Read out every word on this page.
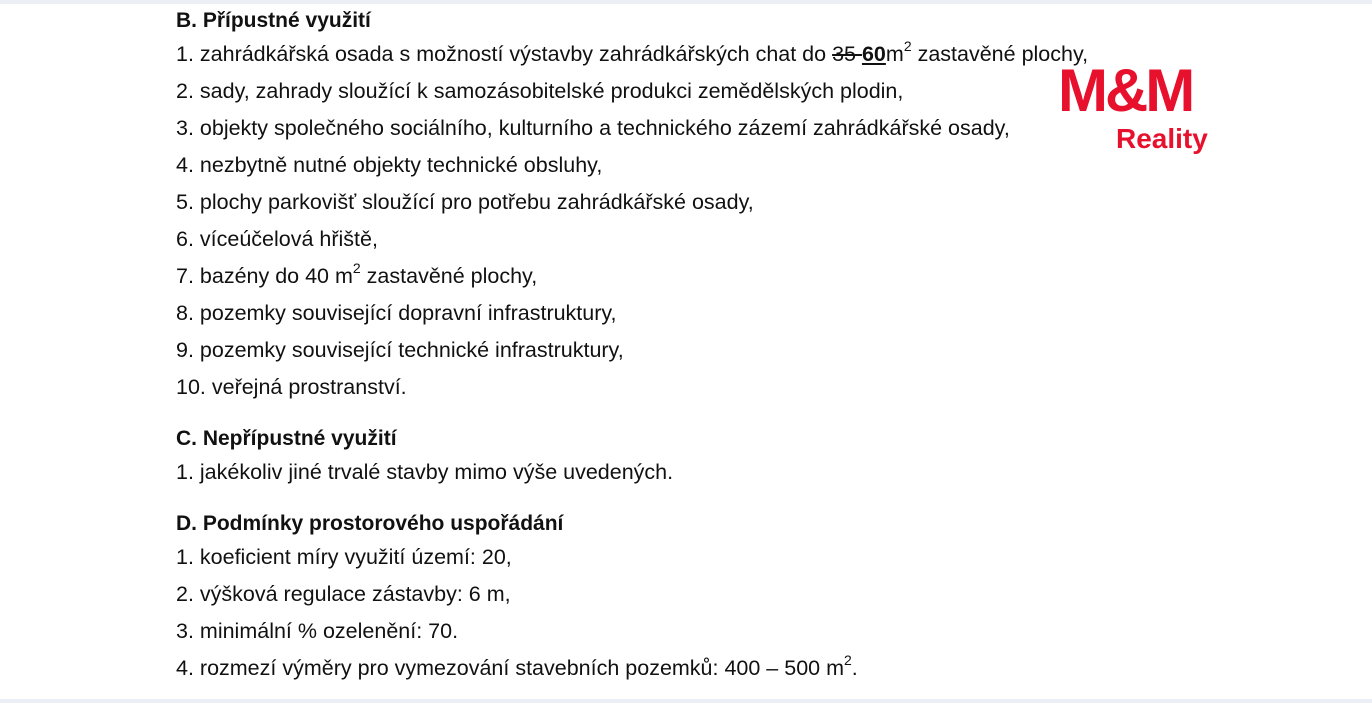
B. Přípustné využití
1. zahrádkářská osada s možností výstavby zahrádkářských chat do 35 $60m^2$ zastavěné plochy,
2. sady, zahrady sloužící k samozásobitelské produkci zemědělských plodin,
3. objekty společného sociálního, kulturního a technického zázemí zahrádkářské osady,
4. nezbytně nutné objekty technické obsluhy,
5. plochy parkovišť sloužící pro potřebu zahrádkářské osady,
6. víceúčelová hřiště,
7. bazény do 40 $m^2$ zastavěné plochy,
8. pozemky související dopravní infrastruktury,
9. pozemky související technické infrastruktury,
10. veřejná prostranství.
C. Nepřípustné využití
1. jakékoliv jiné trvalé stavby mimo výše uvedených.
D. Podmínky prostorového uspořádání
1. koeficient míry využití území: 20,
2. výšková regulace zástavby: 6 m,
3. minimální % ozelenění: 70.
4. rozmezí výměry pro vymezování stavebních pozemků: 400 – 500 $m^2$.
M&M
Reality
